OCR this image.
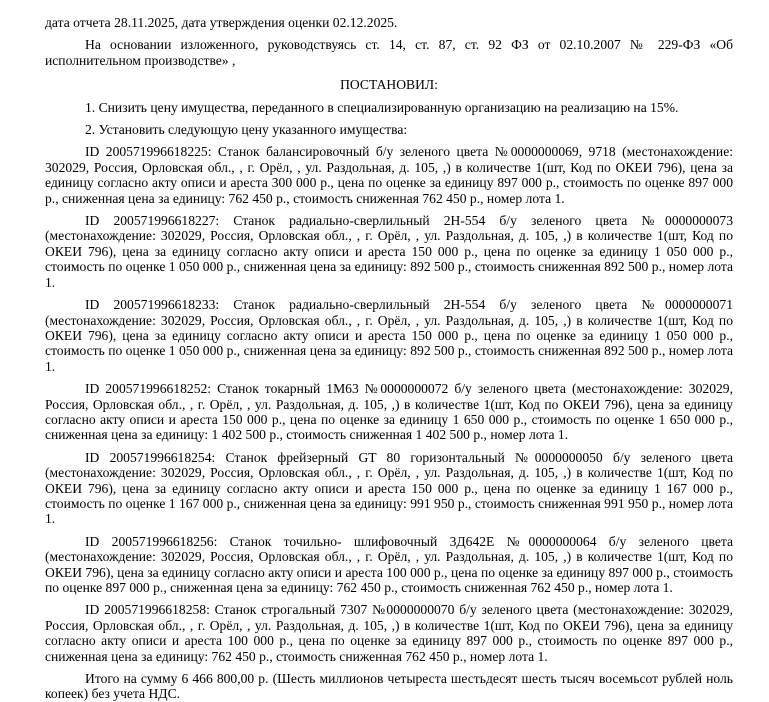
дата отчета 28.11.2025, дата утверждения оценки 02.12.2025.

На основании изложенного, руководствуясь ст. 14, ст. 87, ст. 92 ФЗ от 02.10.2007 № 229-ФЗ «Об исполнительном производстве» ,

ПОСТАНОВИЛ:

1. Снизить цену имущества, переданного в специализированную организацию на реализацию на 15%.

2. Установить следующую цену указанного имущества:

ID 200571996618225: Станок балансировочный б/у зеленого цвета №0000000069, 9718 (местонахождение: 302029, Россия, Орловская обл., , г. Орёл, , ул. Раздольная, д. 105, ,) в количестве 1(шт, Код по ОКЕИ 796), цена за единицу согласно акту описи и ареста 300 000 р., цена по оценке за единицу 897 000 р., стоимость по оценке 897 000 р., сниженная цена за единицу: 762 450 р., стоимость сниженная 762 450 р., номер лота 1.

ID 200571996618227: Станок радиально-сверлильный 2Н-554 б/у зеленого цвета №0000000073 (местонахождение: 302029, Россия, Орловская обл., , г. Орёл, , ул. Раздольная, д. 105, ,) в количестве 1(шт, Код по ОКЕИ 796), цена за единицу согласно акту описи и ареста 150 000 р., цена по оценке за единицу 1 050 000 р., стоимость по оценке 1 050 000 р., сниженная цена за единицу: 892 500 р., стоимость сниженная 892 500 р., номер лота 1.

ID 200571996618233: Станок радиально-сверлильный 2Н-554 б/у зеленого цвета №0000000071 (местонахождение: 302029, Россия, Орловская обл., , г. Орёл, , ул. Раздольная, д. 105, ,) в количестве 1(шт, Код по ОКЕИ 796), цена за единицу согласно акту описи и ареста 150 000 р., цена по оценке за единицу 1 050 000 р., стоимость по оценке 1 050 000 р., сниженная цена за единицу: 892 500 р., стоимость сниженная 892 500 р., номер лота 1.

ID 200571996618252: Станок токарный 1М63 №0000000072 б/у зеленого цвета (местонахождение: 302029, Россия, Орловская обл., , г. Орёл, , ул. Раздольная, д. 105, ,) в количестве 1(шт, Код по ОКЕИ 796), цена за единицу согласно акту описи и ареста 150 000 р., цена по оценке за единицу 1 650 000 р., стоимость по оценке 1 650 000 р., сниженная цена за единицу: 1 402 500 р., стоимость сниженная 1 402 500 р., номер лота 1.

ID 200571996618254: Станок фрейзерный GT 80 горизонтальный №0000000050 б/у зеленого цвета (местонахождение: 302029, Россия, Орловская обл., , г. Орёл, , ул. Раздольная, д. 105, ,) в количестве 1(шт, Код по ОКЕИ 796), цена за единицу согласно акту описи и ареста 150 000 р., цена по оценке за единицу 1 167 000 р., стоимость по оценке 1 167 000 р., сниженная цена за единицу: 991 950 р., стоимость сниженная 991 950 р., номер лота 1.

ID 200571996618256: Станок точильно- шлифовочный 3Д642Е №0000000064 б/у зеленого цвета (местонахождение: 302029, Россия, Орловская обл., , г. Орёл, , ул. Раздольная, д. 105, ,) в количестве 1(шт, Код по ОКЕИ 796), цена за единицу согласно акту описи и ареста 100 000 р., цена по оценке за единицу 897 000 р., стоимость по оценке 897 000 р., сниженная цена за единицу: 762 450 р., стоимость сниженная 762 450 р., номер лота 1.

ID 200571996618258: Станок строгальный 7307 №0000000070 б/у зеленого цвета (местонахождение: 302029, Россия, Орловская обл., , г. Орёл, , ул. Раздольная, д. 105, ,) в количестве 1(шт, Код по ОКЕИ 796), цена за единицу согласно акту описи и ареста 100 000 р., цена по оценке за единицу 897 000 р., стоимость по оценке 897 000 р., сниженная цена за единицу: 762 450 р., стоимость сниженная 762 450 р., номер лота 1.

Итого на сумму 6 466 800,00 р. (Шесть миллионов четыреста шестьдесят шесть тысяч восемьсот рублей ноль копеек) без учета НДС.
